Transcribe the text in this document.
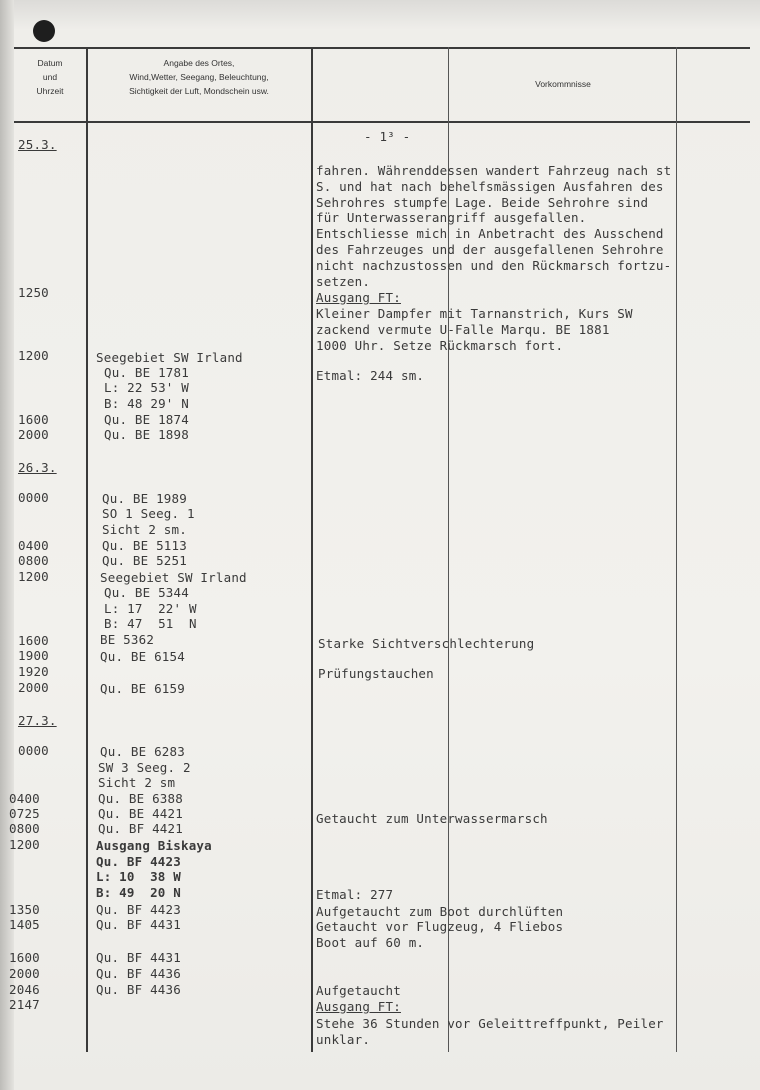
Datum
und
Uhrzeit
Angabe des Ortes,
Wind,Wetter, Seegang, Beleuchtung,
Sichtigkeit der Luft, Mondschein usw.
Vorkommnisse
- 1³ -
25.3.
26.3.
27.3.
1250
1200
1600
2000
0000
0400
0800
1200
1600
1900
1920
2000
0000
0400
0725
0800
1200
1350
1405
1600
2000
2046
2147
Seegebiet SW Irland
Qu. BE 1781
L: 22 53' W
B: 48 29' N
Qu. BE 1874
Qu. BE 1898
Qu. BE 1989
SO 1 Seeg. 1
Sicht 2 sm.
Qu. BE 5113
Qu. BE 5251
Seegebiet SW Irland
Qu. BE 5344
L: 17  22' W
B: 47  51  N
BE 5362
Qu. BE 6154
Qu. BE 6159
Qu. BE 6283
SW 3 Seeg. 2
Sicht 2 sm
Qu. BE 6388
Qu. BE 4421
Qu. BF 4421
Ausgang Biskaya
Qu. BF 4423
L: 10  38 W
B: 49  20 N
Qu. BF 4423
Qu. BF 4431
Qu. BF 4431
Qu. BF 4436
Qu. BF 4436
fahren. Währenddessen wandert Fahrzeug nach st
S. und hat nach behelfsmässigen Ausfahren des
Sehrohres stumpfe Lage. Beide Sehrohre sind
für Unterwasserangriff ausgefallen.
Entschliesse mich in Anbetracht des Ausschend
des Fahrzeuges und der ausgefallenen Sehrohre
nicht nachzustossen und den Rückmarsch fortzu-
setzen.
Ausgang FT:
Kleiner Dampfer mit Tarnanstrich, Kurs SW
zackend vermute U-Falle Marqu. BE 1881
1000 Uhr. Setze Rückmarsch fort.
Etmal: 244 sm.
Starke Sichtverschlechterung
Prüfungstauchen
Getaucht zum Unterwassermarsch
Etmal: 277
Aufgetaucht zum Boot durchlüften
Getaucht vor Flugzeug, 4 Fliebos
Boot auf 60 m.
Aufgetaucht
Ausgang FT:
Stehe 36 Stunden vor Geleittreffpunkt, Peiler
unklar.
